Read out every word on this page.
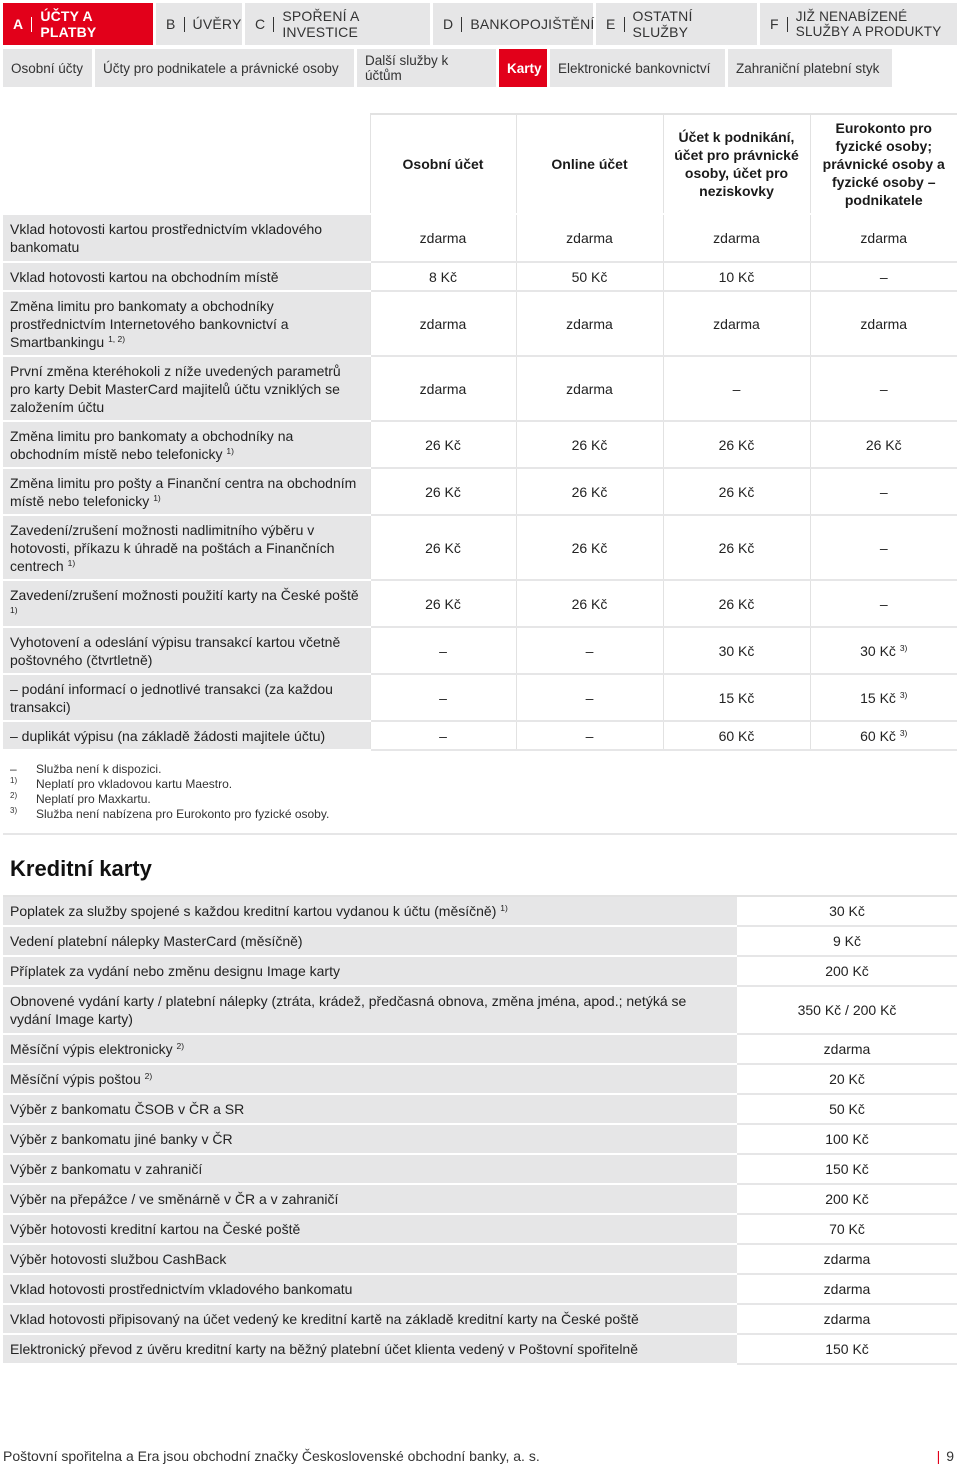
A	ÚČTY A PLATBY
B	ÚVĚRY C	SPOŘENÍ A INVESTICE
D	BANKOPOJIŠTĚNÍ E	OSTATNÍ SLUŽBY
F	JIŽ NENABÍZENÉ
SLUŽBY A PRODUKTY
Osobní účty	Účty pro podnikatele a právnické osoby	Další služby k účtům	Karty	Elektronické bankovnictví	Zahraniční platební styk
	Osobní účet	Online účet	Účet k podnikání, účet pro právnické osoby, účet pro neziskovky	Eurokonto pro fyzické osoby; právnické osoby a fyzické osoby – podnikatele
Vklad hotovosti kartou prostřednictvím vkladového bankomatu	zdarma	zdarma	zdarma	zdarma
Vklad hotovosti kartou na obchodním místě	8 Kč	50 Kč	10 Kč	–
Změna limitu pro bankomaty a obchodníky prostřednictvím Internetového bankovnictví a Smartbankingu $^{1, 2)}$	zdarma	zdarma	zdarma	zdarma
První změna kteréhokoli z níže uvedených parametrů pro karty Debit MasterCard majitelů účtu vzniklých se založením účtu	zdarma	zdarma	–	–
Změna limitu pro bankomaty a obchodníky na obchodním místě nebo telefonicky $^{1)}$	26 Kč	26 Kč	26 Kč	26 Kč
Změna limitu pro pošty a Finanční centra na obchodním místě nebo telefonicky $^{1)}$	26 Kč	26 Kč	26 Kč	–
Zavedení/zrušení možnosti nadlimitního výběru v hotovosti, příkazu k úhradě na poštách a Finančních centrech $^{1)}$	26 Kč	26 Kč	26 Kč	–
Zavedení/zrušení možnosti použití karty na České poště $^{1)}$	26 Kč	26 Kč	26 Kč	–
Vyhotovení a odeslání výpisu transakcí kartou včetně poštovného (čtvrtletně)	–	–	30 Kč	30 Kč $^{3)}$
– podání informací o jednotlivé transakci (za každou transakci)	–	–	15 Kč	15 Kč $^{3)}$
– duplikát výpisu (na základě žádosti majitele účtu)	–	–	60 Kč	60 Kč $^{3)}$
–	Služba není k dispozici.
$^{1)}$	Neplatí pro vkladovou kartu Maestro.
$^{2)}$	Neplatí pro Maxkartu.
$^{3)}$	Služba není nabízena pro Eurokonto pro fyzické osoby.
Kreditní karty
Poplatek za služby spojené s každou kreditní kartou vydanou k účtu (měsíčně) $^{1)}$	30 Kč
Vedení platební nálepky MasterCard (měsíčně)	9 Kč
Příplatek za vydání nebo změnu designu Image karty	200 Kč
Obnovené vydání karty / platební nálepky (ztráta, krádež, předčasná obnova, změna jména, apod.; netýká se vydání Image karty)	350 Kč / 200 Kč
Měsíční výpis elektronicky $^{2)}$	zdarma
Měsíční výpis poštou $^{2)}$	20 Kč
Výběr z bankomatu ČSOB v ČR a SR	50 Kč
Výběr z bankomatu jiné banky v ČR	100 Kč
Výběr z bankomatu v zahraničí	150 Kč
Výběr na přepážce / ve směnárně v ČR a v zahraničí	200 Kč
Výběr hotovosti kreditní kartou na České poště	70 Kč
Výběr hotovosti službou CashBack	zdarma
Vklad hotovosti prostřednictvím vkladového bankomatu	zdarma
Vklad hotovosti připisovaný na účet vedený ke kreditní kartě na základě kreditní karty na České poště	zdarma
Elektronický převod z úvěru kreditní karty na běžný platební účet klienta vedený v Poštovní spořitelně	150 Kč
Poštovní spořitelna a Era jsou obchodní značky Československé obchodní banky, a. s.	| 9
